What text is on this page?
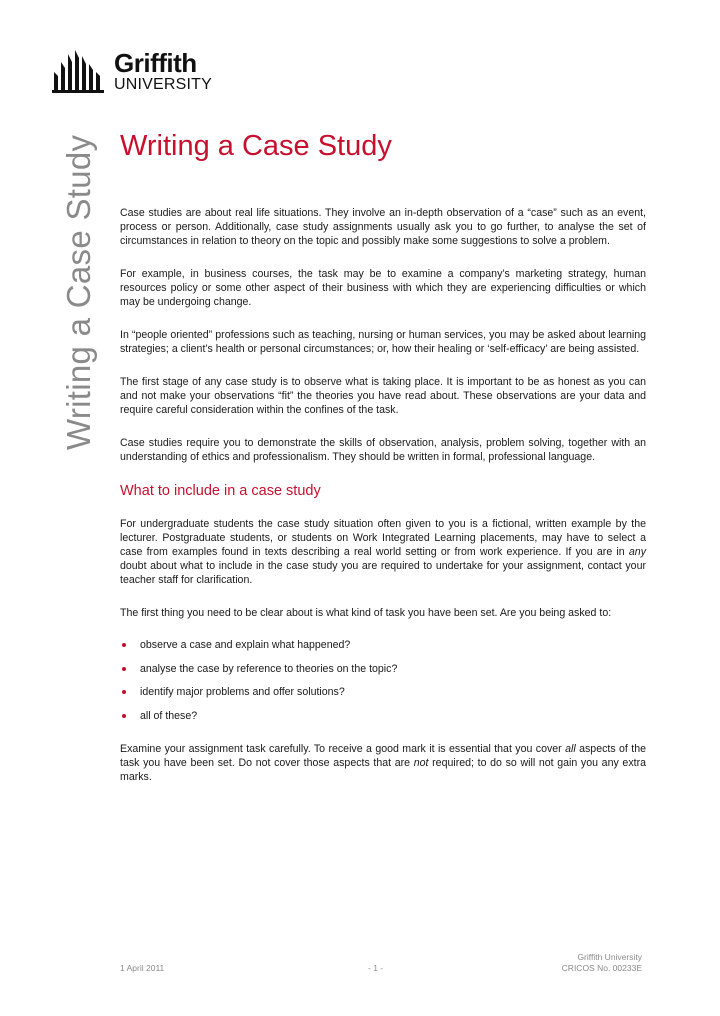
Griffith
UNIVERSITY
Writing a Case Study Writing a Case Study

Case studies are about real life situations. They involve an in-depth observation of a “case” such as an event, process or person. Additionally, case study assignments usually ask you to go further, to analyse the set of circumstances in relation to theory on the topic and possibly make some suggestions to solve a problem.

For example, in business courses, the task may be to examine a company’s marketing strategy, human resources policy or some other aspect of their business with which they are experiencing difficulties or which may be undergoing change.

In “people oriented” professions such as teaching, nursing or human services, you may be asked about learning strategies; a client’s health or personal circumstances; or, how their healing or ‘self-efficacy’ are being assisted.

The first stage of any case study is to observe what is taking place. It is important to be as honest as you can and not make your observations “fit” the theories you have read about. These observations are your data and require careful consideration within the confines of the task.

Case studies require you to demonstrate the skills of observation, analysis, problem solving, together with an understanding of ethics and professionalism. They should be written in formal, professional language.

What to include in a case study

For undergraduate students the case study situation often given to you is a fictional, written example by the lecturer. Postgraduate students, or students on Work Integrated Learning placements, may have to select a case from examples found in texts describing a real world setting or from work experience. If you are in any doubt about what to include in the case study you are required to undertake for your assignment, contact your teacher staff for clarification.

The first thing you need to be clear about is what kind of task you have been set. Are you being asked to:

observe a case and explain what happened?
analyse the case by reference to theories on the topic?
identify major problems and offer solutions?
all of these?

Examine your assignment task carefully. To receive a good mark it is essential that you cover all aspects of the task you have been set. Do not cover those aspects that are not required; to do so will not gain you any extra marks.

1 April 2011	- 1 -
Griffith University
CRICOS No. 00233E
